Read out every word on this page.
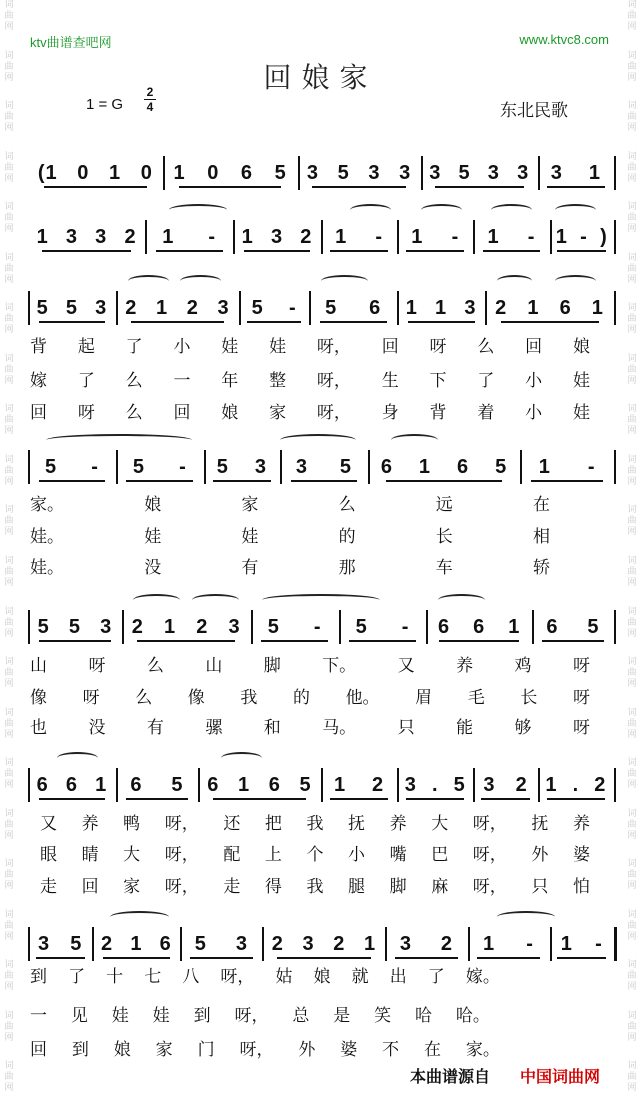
词
曲
网
词
曲
网
词
曲
网
词
曲
网
词
曲
网
词
曲
网
词
曲
网
词
曲
网
词
曲
网
词
曲
网
词
曲
网
词
曲
网
词
曲
网
词
曲
网
词
曲
网
词
曲
网
词
曲
网
词
曲
网
词
曲
网
词
曲
网
词
曲
网
词
曲
网
词
曲
网
词
曲
网
词
曲
网
词
曲
网
词
曲
网
词
曲
网
词
曲
网
词
曲
网
词
曲
网
词
曲
网
词
曲
网
词
曲
网
词
曲
网
词
曲
网
词
曲
网
词
曲
网
词
曲
网
词
曲
网
词
曲
网
词
曲
网
词
曲
网
词
曲
网
ktv曲谱查吧网	www.ktvc8.com
回娘家
1 = G
2
4	东北民歌
(1 0 1 0 1 0 6 5 3 5 3 3 3 5 3 3 3 1
1 3 3 2 1 - 1 3 2 1 - 1 - 1 - 1 - )
5 5 3 2 1 2 3 5 - 5 6 1 1 3 2 1 6 1
5 - 5 - 5 3 3 5 6 1 6 5 1 -
5 5 3 2 1 2 3 5 - 5 - 6 6 1 6 5
6 6 1 6 5 6 1 6 5 1 2 3 . 5 3 2 1 . 2
3 5 2 1 6 5 3 2 3 2 1 3 2 1 - 1 -
背 起 了 小 娃 娃 呀， 回 呀 么 回 娘
嫁 了 么 一 年 整 呀， 生 下 了 小 娃
回 呀 么 回 娘 家 呀， 身 背 着 小 娃
家。	娘	家	么	远	在
娃。	娃	娃	的	长	相
娃。	没	有	那	车	轿
山 呀 么 山 脚 下。 又 养 鸡 呀
像 呀 么 像 我 的 他。 眉 毛 长 呀
也 没 有 骡 和 马。 只 能 够 呀
又 养 鸭 呀， 还 把 我 抚 养 大 呀， 抚 养
眼 睛 大 呀， 配 上 个 小 嘴 巴 呀， 外 婆
走 回 家 呀， 走 得 我 腿 脚 麻 呀， 只 怕
到 了 十 七 八 呀， 姑 娘 就 出 了 嫁。
一 见 娃 娃 到 呀， 总 是 笑 哈 哈。
回 到 娘 家 门 呀， 外 婆 不 在 家。
本曲谱源自 中国词曲网
